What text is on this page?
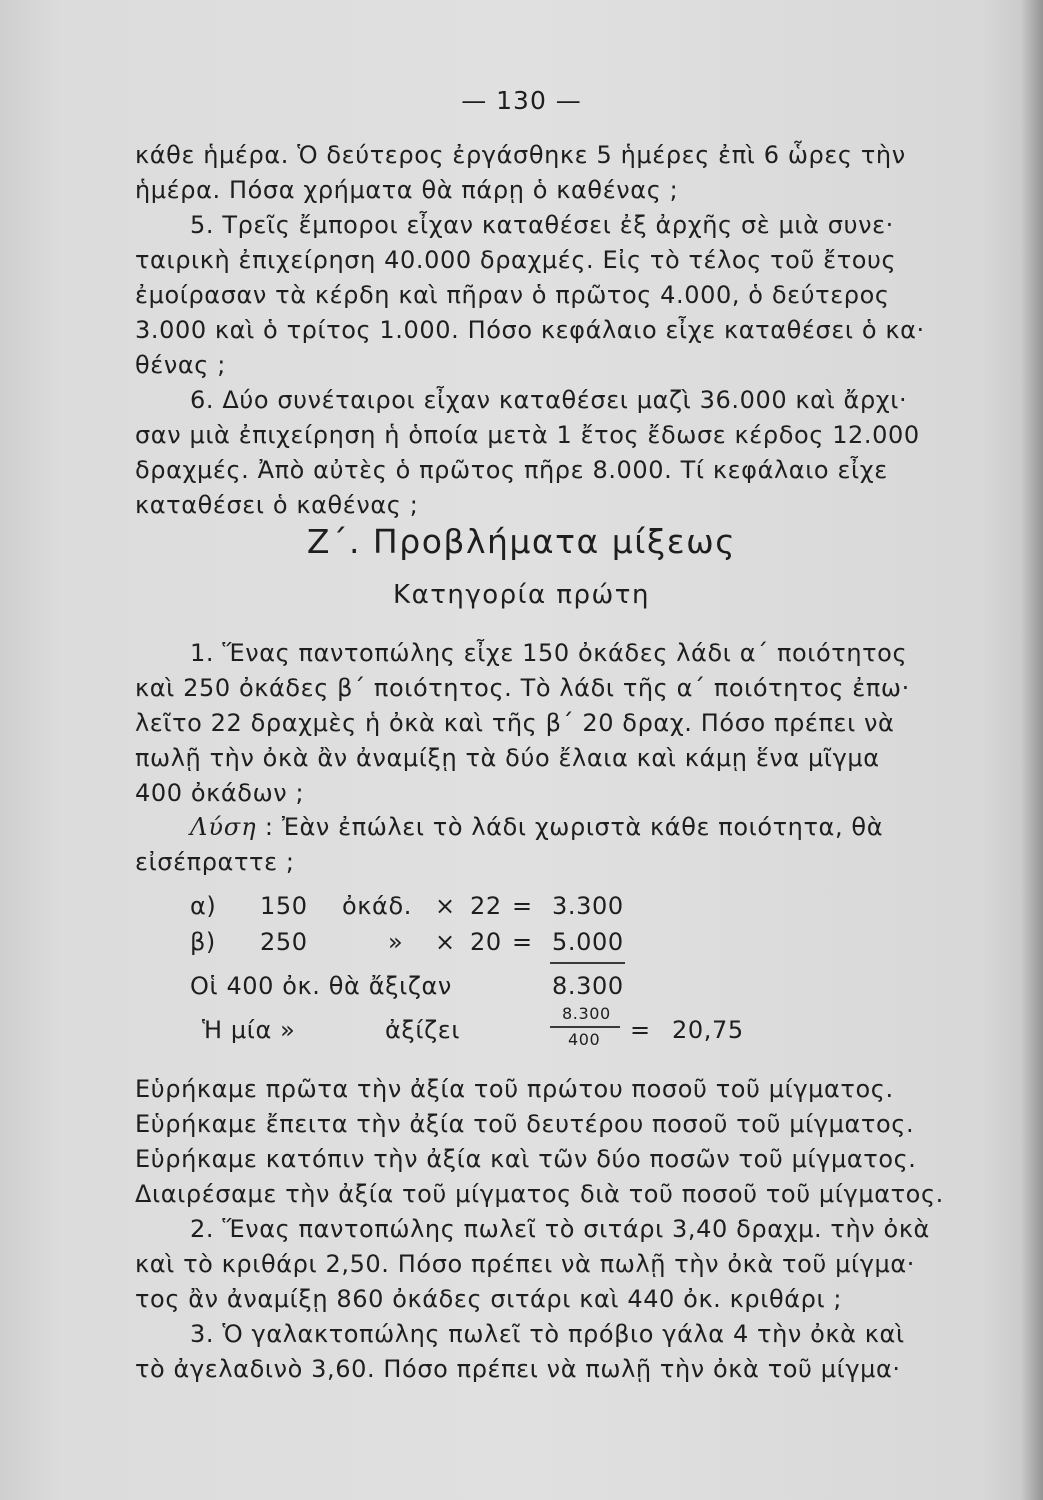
— 130 —
κάθε ἡμέρα. Ὁ δεύτερος ἐργάσθηκε 5 ἡμέρες ἐπὶ 6 ὧρες τὴν
ἡμέρα. Πόσα χρήματα θὰ πάρῃ ὁ καθένας ;
5. Τρεῖς ἔμποροι εἶχαν καταθέσει ἐξ ἀρχῆς σὲ μιὰ συνε·
ταιρικὴ ἐπιχείρηση 40.000 δραχμές. Εἰς τὸ τέλος τοῦ ἔτους
ἐμοίρασαν τὰ κέρδη καὶ πῆραν ὁ πρῶτος 4.000, ὁ δεύτερος
3.000 καὶ ὁ τρίτος 1.000. Πόσο κεφάλαιο εἶχε καταθέσει ὁ κα·
θένας ;
6. Δύο συνέταιροι εἶχαν καταθέσει μαζὶ 36.000 καὶ ἄρχι·
σαν μιὰ ἐπιχείρηση ἡ ὁποία μετὰ 1 ἔτος ἔδωσε κέρδος 12.000
δραχμές. Ἀπὸ αὐτὲς ὁ πρῶτος πῆρε 8.000. Τί κεφάλαιο εἶχε
καταθέσει ὁ καθένας ;
Ζ΄. Προβλήματα μίξεως
Κατηγορία πρώτη
1. Ἕνας παντοπώλης εἶχε 150 ὀκάδες λάδι α΄ ποιότητος
καὶ 250 ὀκάδες β΄ ποιότητος. Τὸ λάδι τῆς α΄ ποιότητος ἐπω·
λεῖτο 22 δραχμὲς ἡ ὀκὰ καὶ τῆς β΄ 20 δραχ. Πόσο πρέπει νὰ
πωλῇ τὴν ὀκὰ ἂν ἀναμίξῃ τὰ δύο ἔλαια καὶ κάμῃ ἕνα μῖγμα
400 ὀκάδων ;
Λύση : Ἐὰν ἐπώλει τὸ λάδι χωριστὰ κάθε ποιότητα, θὰ
εἰσέπραττε ;
α) 150 ὀκάδ. × 22 = 3.300
β) 250	» × 20 = 5.000
Οἱ 400 ὀκ. θὰ ἄξιζαν	8.300
Ἡ μία »	ἀξίζει
8.300
400 = 20,75
Εὑρήκαμε πρῶτα τὴν ἀξία τοῦ πρώτου ποσοῦ τοῦ μίγματος.
Εὑρήκαμε ἔπειτα τὴν ἀξία τοῦ δευτέρου ποσοῦ τοῦ μίγματος.
Εὑρήκαμε κατόπιν τὴν ἀξία καὶ τῶν δύο ποσῶν τοῦ μίγματος.
Διαιρέσαμε τὴν ἀξία τοῦ μίγματος διὰ τοῦ ποσοῦ τοῦ μίγματος.
2. Ἕνας παντοπώλης πωλεῖ τὸ σιτάρι 3,40 δραχμ. τὴν ὀκὰ
καὶ τὸ κριθάρι 2,50. Πόσο πρέπει νὰ πωλῇ τὴν ὀκὰ τοῦ μίγμα·
τος ἂν ἀναμίξῃ 860 ὀκάδες σιτάρι καὶ 440 ὀκ. κριθάρι ;
3. Ὁ γαλακτοπώλης πωλεῖ τὸ πρόβιο γάλα 4 τὴν ὀκὰ καὶ
τὸ ἀγελαδινὸ 3,60. Πόσο πρέπει νὰ πωλῇ τὴν ὀκὰ τοῦ μίγμα·
